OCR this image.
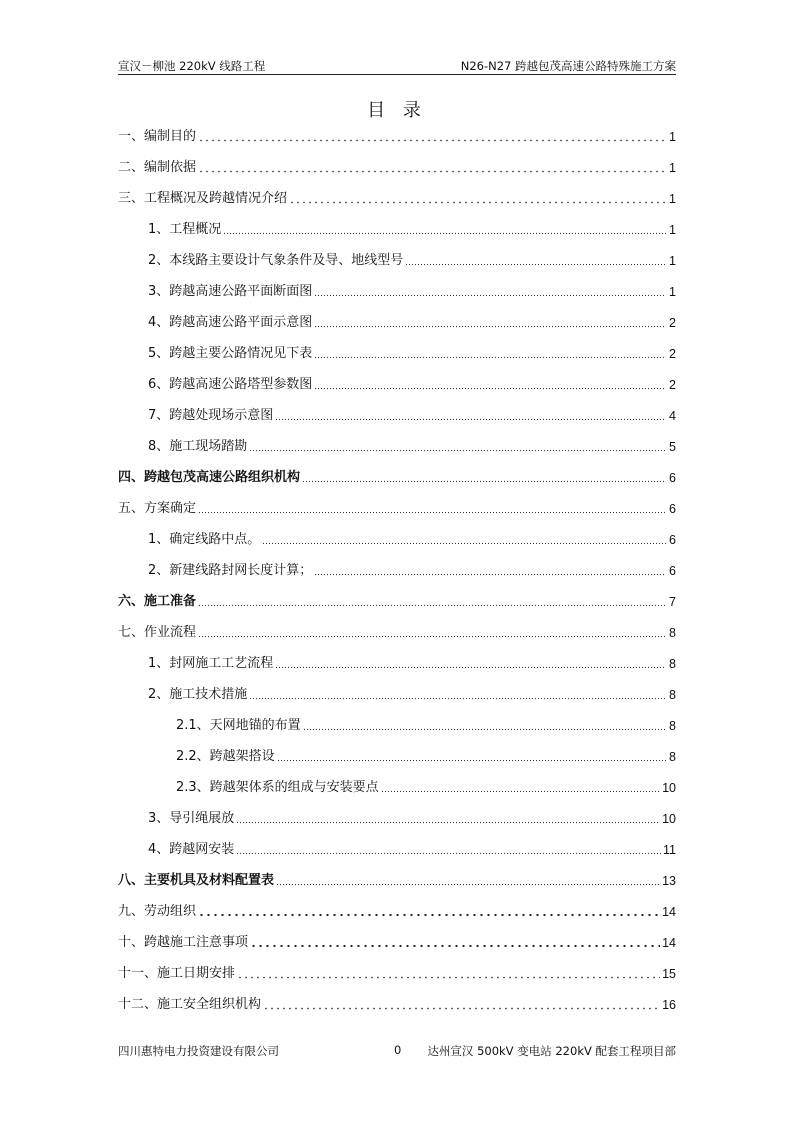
宣汉－柳池 220kV 线路工程	N26-N27 跨越包茂高速公路特殊施工方案
目 录
一、编制目的	1
二、编制依据	1
三、工程概况及跨越情况介绍	1
1、工程概况	1
2、本线路主要设计气象条件及导、地线型号	1
3、跨越高速公路平面断面图	1
4、跨越高速公路平面示意图	2
5、跨越主要公路情况见下表	2
6、跨越高速公路塔型参数图	2
7、跨越处现场示意图	4
8、施工现场踏勘	5
四、跨越包茂高速公路组织机构	6
五、方案确定	6
1、确定线路中点。	6
2、新建线路封网长度计算；	6
六、施工准备	7
七、作业流程	8
1、封网施工工艺流程	8
2、施工技术措施	8
2.1、天网地锚的布置	8
2.2、跨越架搭设	8
2.3、跨越架体系的组成与安装要点	10
3、导引绳展放	10
4、跨越网安装	11
八、主要机具及材料配置表	13
九、劳动组织	14
十、跨越施工注意事项	14
十一、施工日期安排	15
十二、施工安全组织机构	16
四川惠特电力投资建设有限公司	0 达州宣汉 500kV 变电站 220kV 配套工程项目部
